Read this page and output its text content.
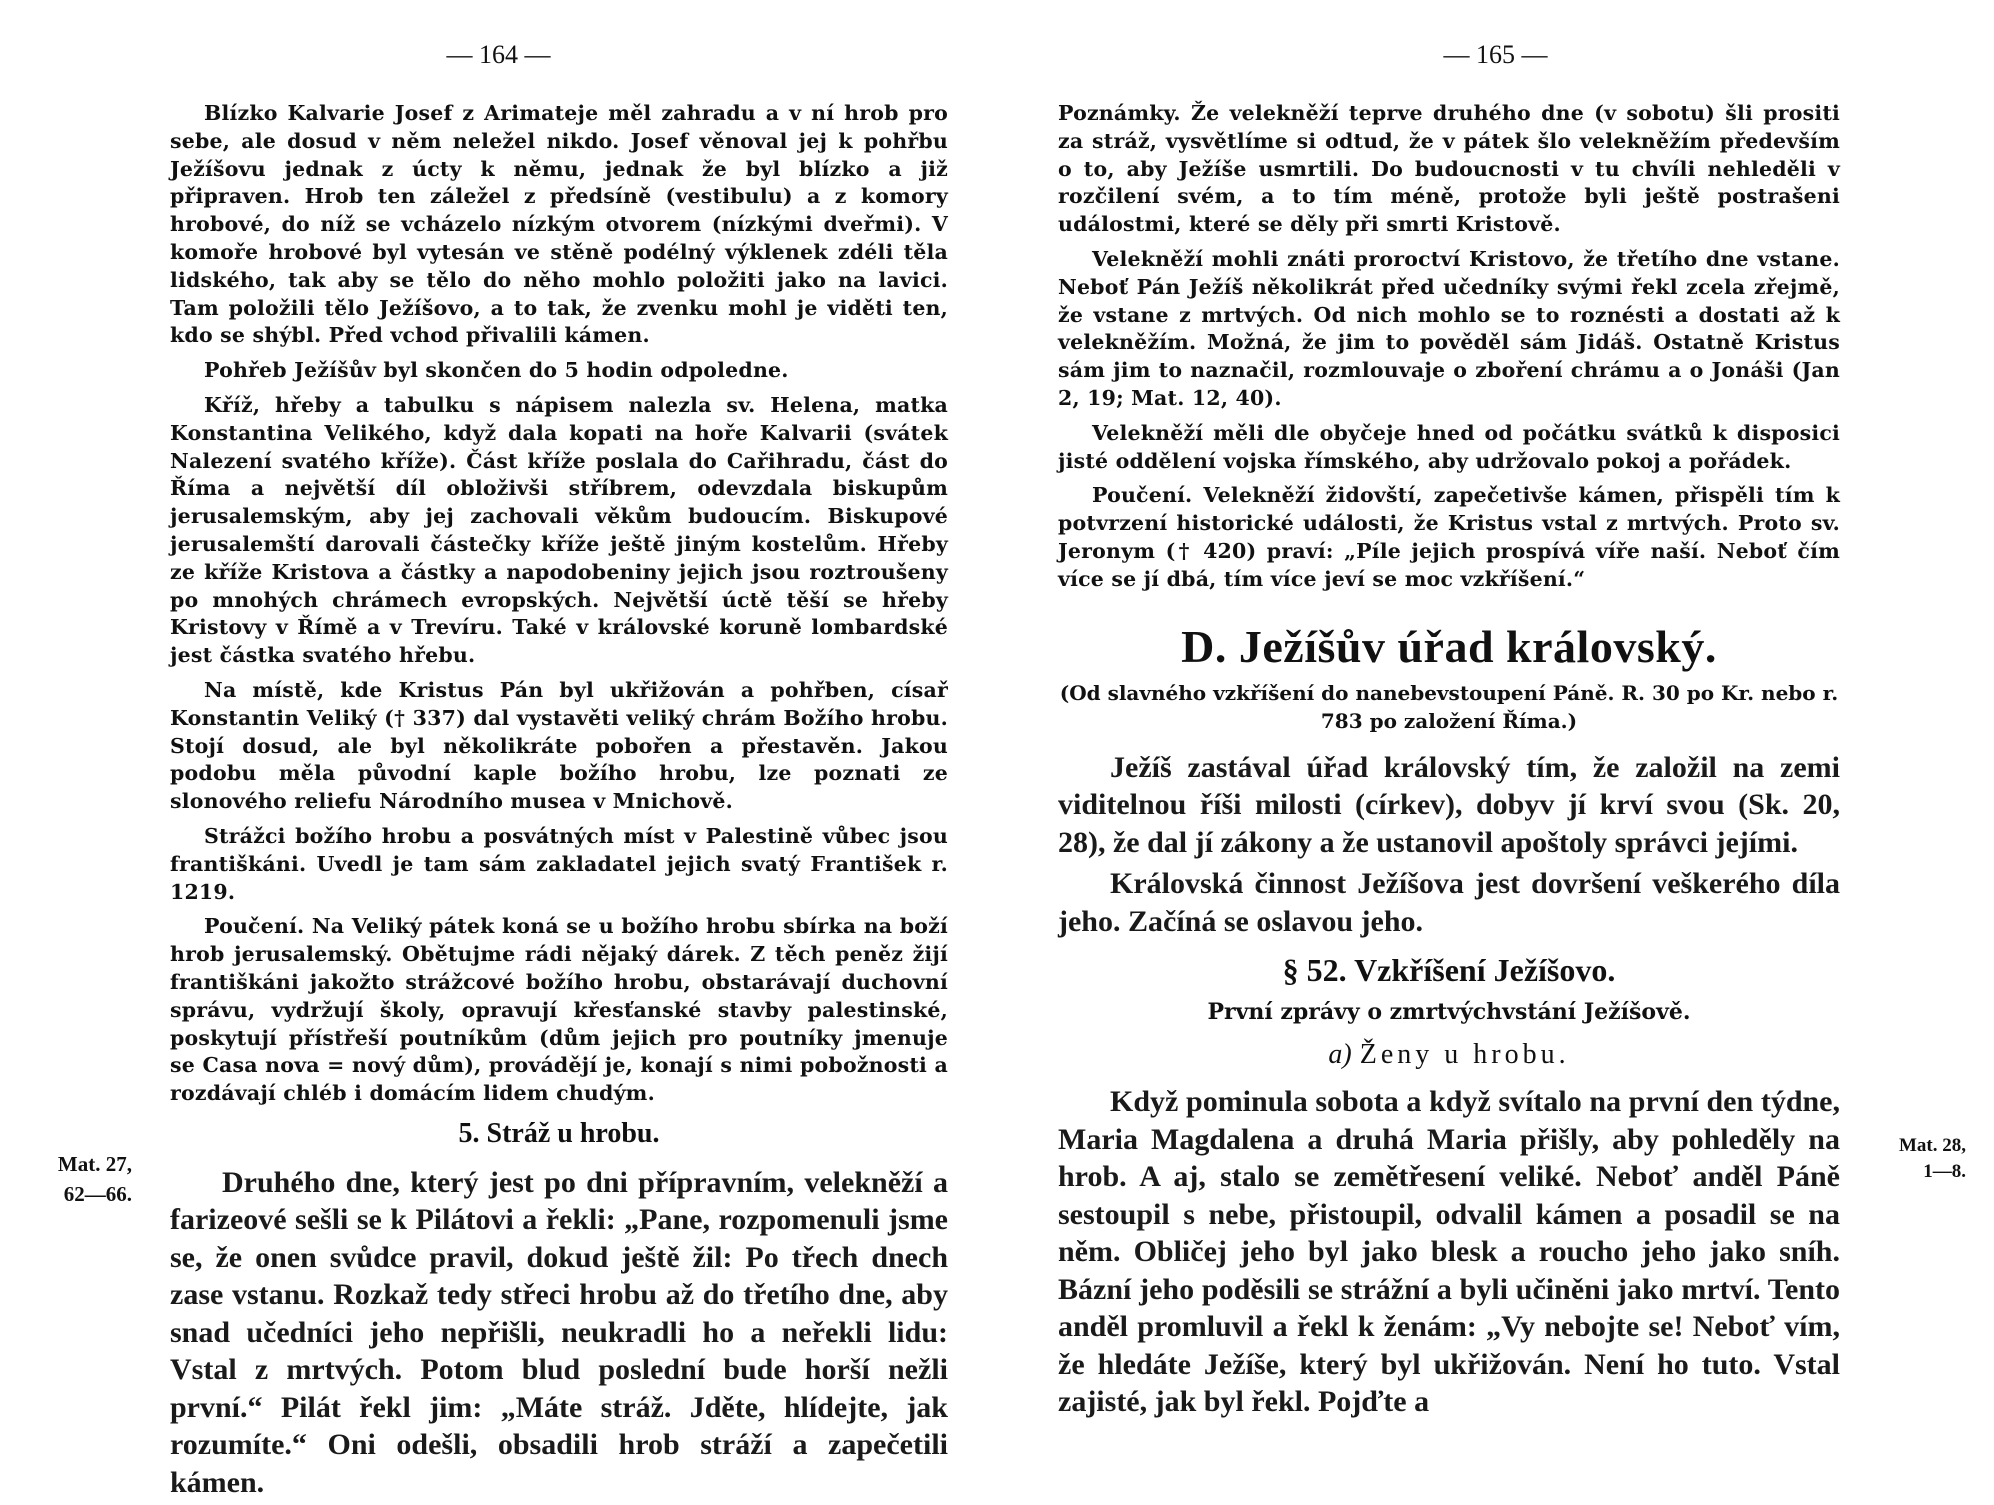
— 164 —

Blízko Kalvarie Josef z Arimateje měl zahradu a v ní hrob pro sebe, ale dosud v něm neležel nikdo. Josef věnoval jej k pohřbu Ježíšovu jednak z úcty k němu, jednak že byl blízko a již připraven. Hrob ten záležel z předsíně (vestibulu) a z komory hrobové, do níž se vcházelo nízkým otvorem (nízkými dveřmi). V komoře hrobové byl vytesán ve stěně podélný výklenek zdéli těla lidského, tak aby se tělo do něho mohlo položiti jako na lavici. Tam položili tělo Ježíšovo, a to tak, že zvenku mohl je viděti ten, kdo se shýbl. Před vchod přivalili kámen.

Pohřeb Ježíšův byl skončen do 5 hodin odpoledne.

Kříž, hřeby a tabulku s nápisem nalezla sv. Helena, matka Konstantina Velikého, když dala kopati na hoře Kalvarii (svátek Nalezení svatého kříže). Část kříže poslala do Cařihradu, část do Říma a největší díl obloživši stříbrem, odevzdala biskupům jerusalemským, aby jej zachovali věkům budoucím. Biskupové jerusalemští darovali částečky kříže ještě jiným kostelům. Hřeby ze kříže Kristova a částky a napodobeniny jejich jsou roztroušeny po mnohých chrámech evropských. Největší úctě těší se hřeby Kristovy v Římě a v Trevíru. Také v královské koruně lombardské jest částka svatého hřebu.

Na místě, kde Kristus Pán byl ukřižován a pohřben, císař Konstantin Veliký († 337) dal vystavěti veliký chrám Božího hrobu. Stojí dosud, ale byl několikráte pobořen a přestavěn. Jakou podobu měla původní kaple božího hrobu, lze poznati ze slonového reliefu Národního musea v Mnichově.

Strážci božího hrobu a posvátných míst v Palestině vůbec jsou františkáni. Uvedl je tam sám zakladatel jejich svatý František r. 1219.

Poučení. Na Veliký pátek koná se u božího hrobu sbírka na boží hrob jerusalemský. Obětujme rádi nějaký dárek. Z těch peněz žijí františkáni jakožto strážcové božího hrobu, obstarávají duchovní správu, vydržují školy, opravují křesťanské stavby palestinské, poskytují přístřeší poutníkům (dům jejich pro poutníky jmenuje se Casa nova = nový dům), provádějí je, konají s nimi pobožnosti a rozdávají chléb i domácím lidem chudým.

5. Stráž u hrobu.

Druhého dne, který jest po dni přípravním, velekněží a farizeové sešli se k Pilátovi a řekli: „Pane, rozpomenuli jsme se, že onen svůdce pravil, dokud ještě žil: Po třech dnech zase vstanu. Rozkaž tedy střeci hrobu až do třetího dne, aby snad učedníci jeho nepřišli, neukradli ho a neřekli lidu: Vstal z mrtvých. Potom blud poslední bude horší nežli první.“ Pilát řekl jim: „Máte stráž. Jděte, hlídejte, jak rozumíte.“ Oni odešli, obsadili hrob stráží a zapečetili kámen.

Mat. 27,
62—66.
— 165 —

Poznámky. Že velekněží teprve druhého dne (v sobotu) šli prositi za stráž, vysvětlíme si odtud, že v pátek šlo velekněžím především o to, aby Ježíše usmrtili. Do budoucnosti v tu chvíli nehleděli v rozčilení svém, a to tím méně, protože byli ještě postrašeni událostmi, které se děly při smrti Kristově.

Velekněží mohli znáti proroctví Kristovo, že třetího dne vstane. Neboť Pán Ježíš několikrát před učedníky svými řekl zcela zřejmě, že vstane z mrtvých. Od nich mohlo se to roznésti a dostati až k velekněžím. Možná, že jim to pověděl sám Jidáš. Ostatně Kristus sám jim to naznačil, rozmlouvaje o zboření chrámu a o Jonáši (Jan 2, 19; Mat. 12, 40).

Velekněží měli dle obyčeje hned od počátku svátků k disposici jisté oddělení vojska římského, aby udržovalo pokoj a pořádek.

Poučení. Velekněží židovští, zapečetivše kámen, přispěli tím k potvrzení historické události, že Kristus vstal z mrtvých. Proto sv. Jeronym († 420) praví: „Píle jejich prospívá víře naší. Neboť čím více se jí dbá, tím více jeví se moc vzkříšení.“

D. Ježíšův úřad královský.
(Od slavného vzkříšení do nanebevstoupení Páně. R. 30 po Kr. nebo r. 783 po založení Říma.)

Ježíš zastával úřad královský tím, že založil na zemi viditelnou říši milosti (církev), dobyv jí krví svou (Sk. 20, 28), že dal jí zákony a že ustanovil apoštoly správci jejími.

Královská činnost Ježíšova jest dovršení veškerého díla jeho. Začíná se oslavou jeho.

§ 52. Vzkříšení Ježíšovo.
První zprávy o zmrtvýchvstání Ježíšově.
a) Ženy u hrobu.

Když pominula sobota a když svítalo na první den týdne, Maria Magdalena a druhá Maria přišly, aby pohleděly na hrob. A aj, stalo se zemětřesení veliké. Neboť anděl Páně sestoupil s nebe, přistoupil, odvalil kámen a posadil se na něm. Obličej jeho byl jako blesk a roucho jeho jako sníh. Bázní jeho poděsili se strážní a byli učiněni jako mrtví. Tento anděl promluvil a řekl k ženám: „Vy nebojte se! Neboť vím, že hledáte Ježíše, který byl ukřižován. Není ho tuto. Vstal zajisté, jak byl řekl. Pojďte a

Mat. 28,
1—8.
